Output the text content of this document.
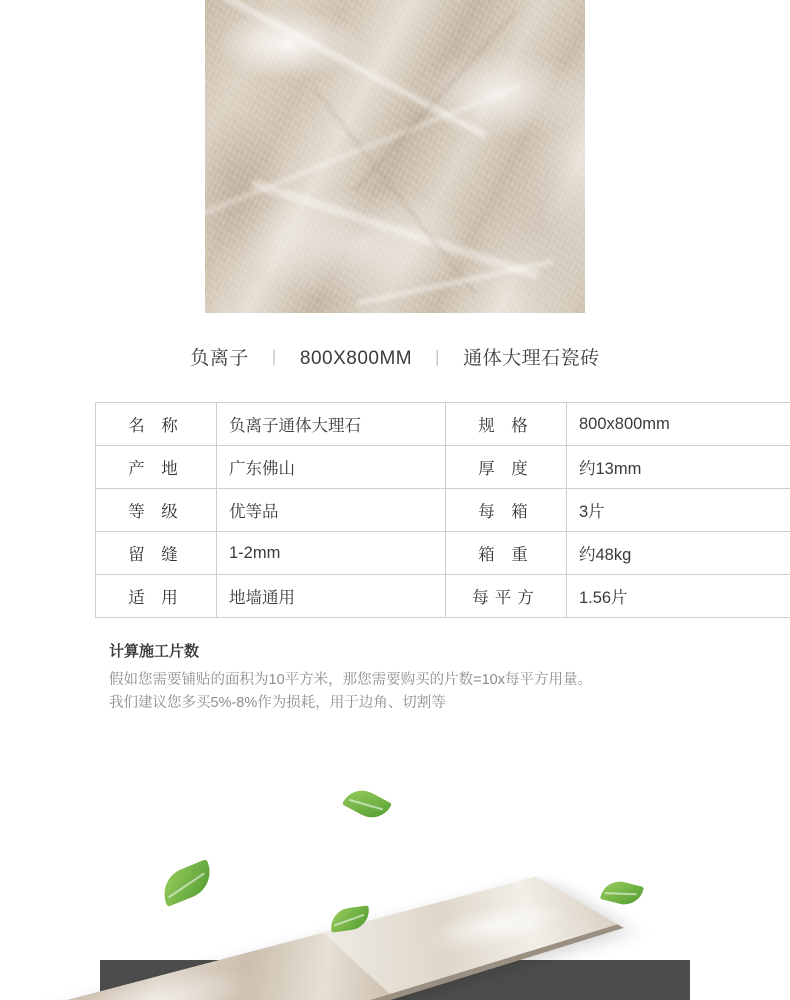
负离子 丨 800X800MM 丨 通体大理石瓷砖
名 称	负离子通体大理石	规 格	800x800mm
产 地	广东佛山	厚 度	约13mm
等 级	优等品	每 箱	3片
留 缝	1-2mm	箱 重	约48kg
适 用	地墙通用	每平方	1.56片
计算施工片数

假如您需要铺贴的面积为10平方米，那您需要购买的片数=10x每平方用量。

我们建议您多买5%-8%作为损耗，用于边角、切割等
